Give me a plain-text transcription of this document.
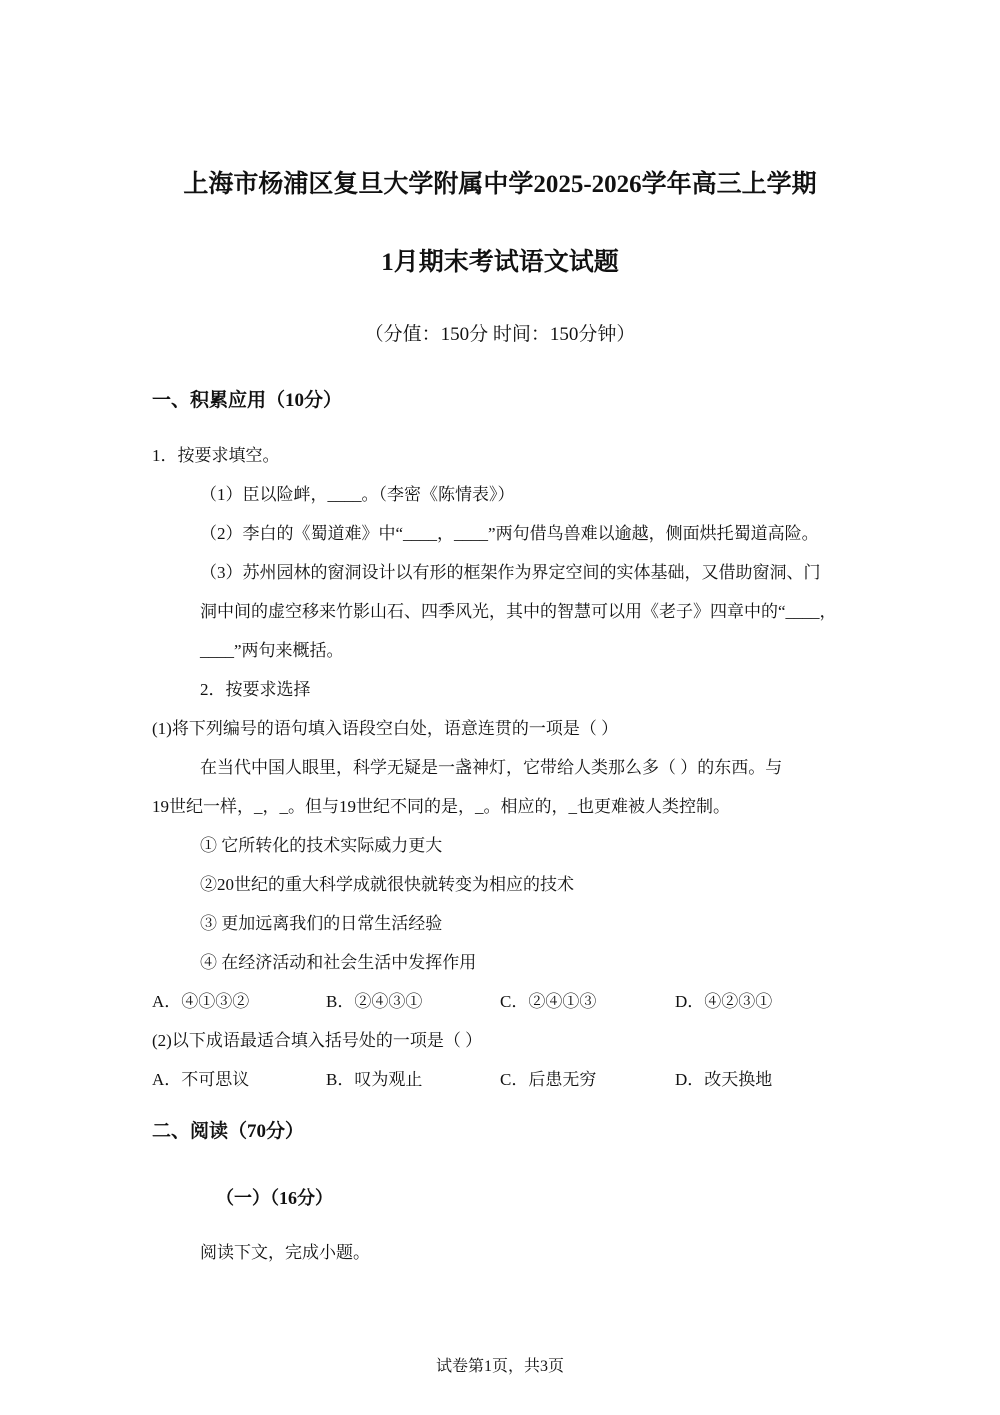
上海市杨浦区复旦大学附属中学2025-2026学年高三上学期
1月期末考试语文试题
（分值：150分 时间：150分钟）
一、积累应用（10分）
1．按要求填空。
（1）臣以险衅，____。（李密《陈情表》）
（2）李白的《蜀道难》中“____，____”两句借鸟兽难以逾越，侧面烘托蜀道高险。
（3）苏州园林的窗洞设计以有形的框架作为界定空间的实体基础，又借助窗洞、门
洞中间的虚空移来竹影山石、四季风光，其中的智慧可以用《老子》四章中的“____，
____”两句来概括。
2．按要求选择
(1)将下列编号的语句填入语段空白处，语意连贯的一项是（ ）
在当代中国人眼里，科学无疑是一盏神灯，它带给人类那么多（ ）的东西。与
19世纪一样，_，_。但与19世纪不同的是，_。相应的，_也更难被人类控制。
① 它所转化的技术实际威力更大
②20世纪的重大科学成就很快就转变为相应的技术
③ 更加远离我们的日常生活经验
④ 在经济活动和社会生活中发挥作用
A．④①③②	B．②④③①	C．②④①③	D．④②③①
(2)以下成语最适合填入括号处的一项是（ ）
A．不可思议	B．叹为观止	C．后患无穷	D．改天换地
二、阅读（70分）
（一）（16分）
阅读下文，完成小题。
试卷第1页，共3页
